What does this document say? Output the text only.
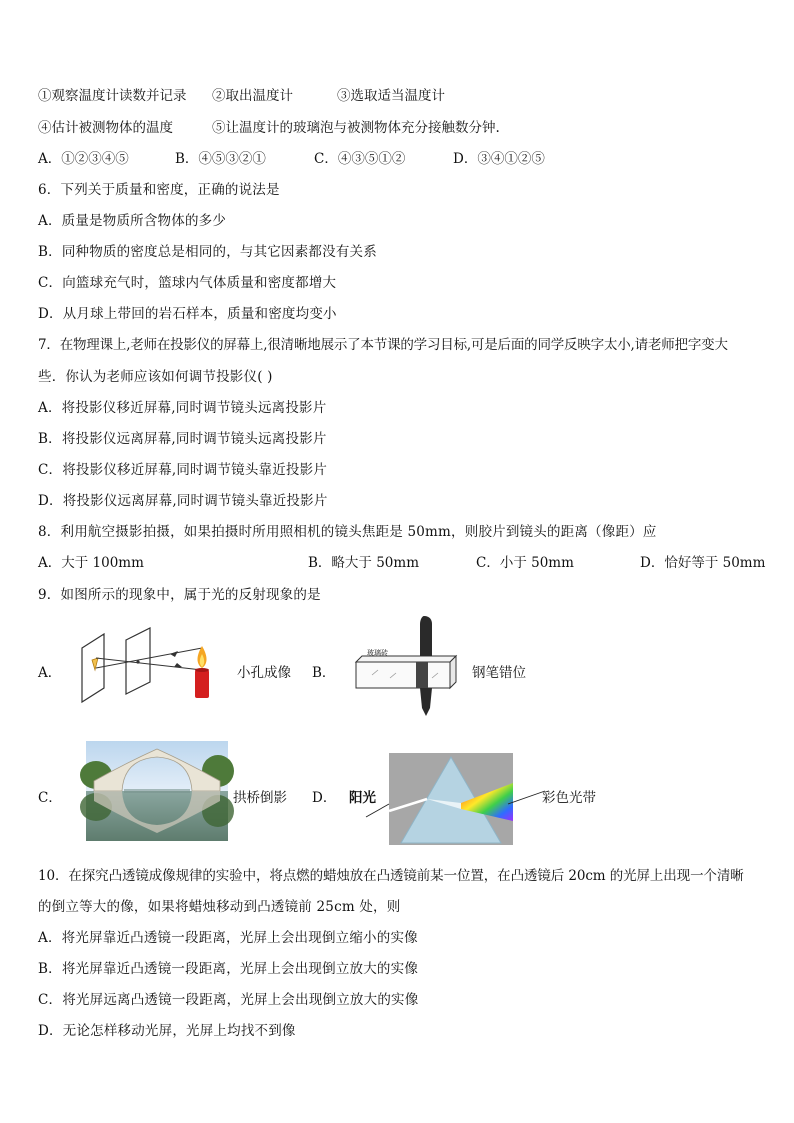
①观察温度计读数并记录 ②取出温度计	③选取适当温度计
④估计被测物体的温度	⑤让温度计的玻璃泡与被测物体充分接触数分钟.
A．①②③④⑤	B．④⑤③②①	C．④③⑤①②	D．③④①②⑤
6．下列关于质量和密度，正确的说法是
A．质量是物质所含物体的多少
B．同种物质的密度总是相同的，与其它因素都没有关系
C．向篮球充气时，篮球内气体质量和密度都增大
D．从月球上带回的岩石样本，质量和密度均变小
7．在物理课上,老师在投影仪的屏幕上,很清晰地展示了本节课的学习目标,可是后面的同学反映字太小,请老师把字变大
些．你认为老师应该如何调节投影仪( )
A．将投影仪移近屏幕,同时调节镜头远离投影片
B．将投影仪远离屏幕,同时调节镜头远离投影片
C．将投影仪移近屏幕,同时调节镜头靠近投影片
D．将投影仪远离屏幕,同时调节镜头靠近投影片
8．利用航空摄影拍摄，如果拍摄时所用照相机的镜头焦距是 50mm，则胶片到镜头的距离（像距）应
A．大于 100mm	B．略大于 50mm	C．小于 50mm	D．恰好等于 50mm
9．如图所示的现象中，属于光的反射现象的是
A．	小孔成像 B．
玻璃砖
钢笔错位
C．	拱桥倒影 D． 阳光	彩色光带
10．在探究凸透镜成像规律的实验中，将点燃的蜡烛放在凸透镜前某一位置，在凸透镜后 20cm 的光屏上出现一个清晰
的倒立等大的像，如果将蜡烛移动到凸透镜前 25cm 处，则
A．将光屏靠近凸透镜一段距离，光屏上会出现倒立缩小的实像
B．将光屏靠近凸透镜一段距离，光屏上会出现倒立放大的实像
C．将光屏远离凸透镜一段距离，光屏上会出现倒立放大的实像
D．无论怎样移动光屏，光屏上均找不到像
